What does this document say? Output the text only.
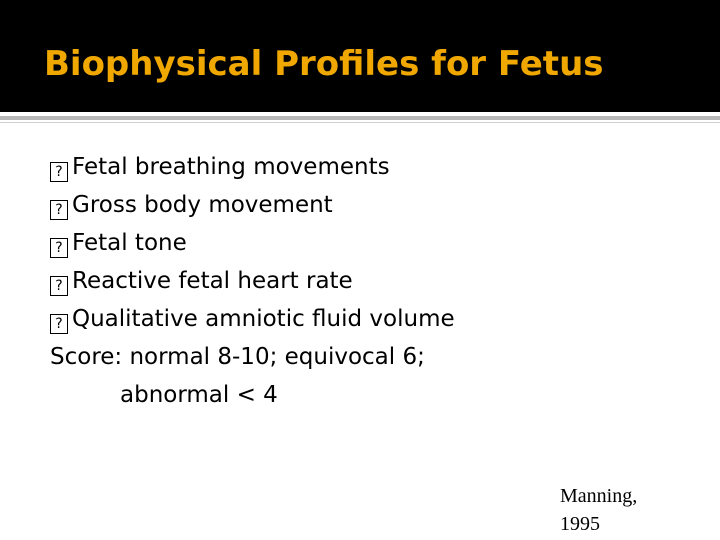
Biophysical Profiles for Fetus
? Fetal breathing movements
? Gross body movement
? Fetal tone
? Reactive fetal heart rate
? Qualitative amniotic fluid volume
Score: normal 8-10; equivocal 6;
abnormal < 4
Manning,
1995
